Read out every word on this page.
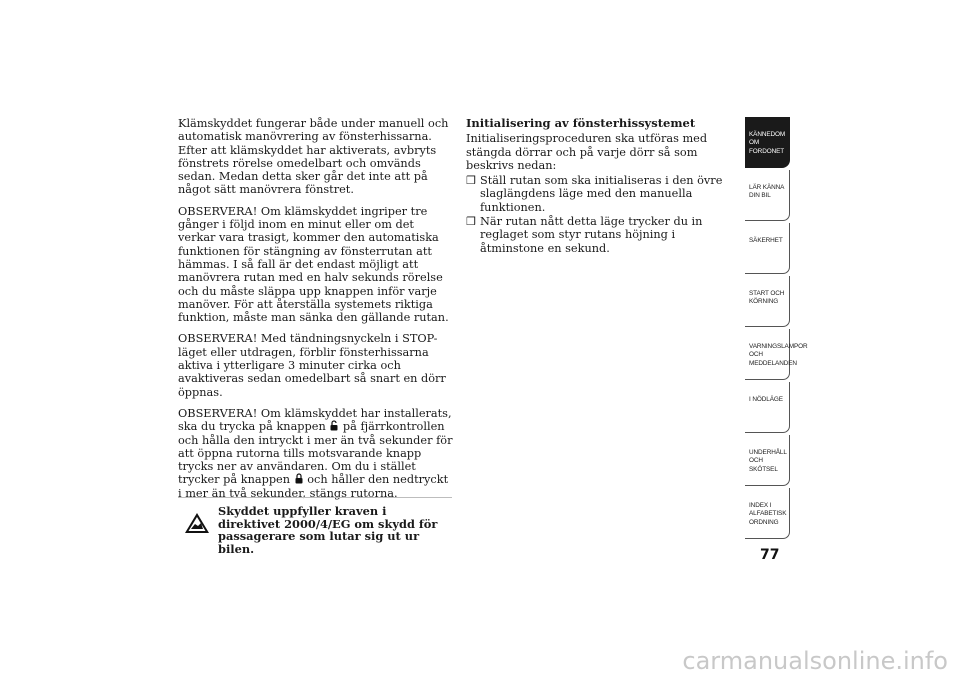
Klämskyddet fungerar både under manuell och automatisk manövrering av fönsterhissarna. Efter att klämskyddet har aktiverats, avbryts fönstrets rörelse omedelbart och omvänds sedan. Medan detta sker går det inte att på något sätt manövrera fönstret.

OBSERVERA! Om klämskyddet ingriper tre gånger i följd inom en minut eller om det verkar vara trasigt, kommer den automatiska funktionen för stängning av fönsterrutan att hämmas. I så fall är det endast möjligt att manövrera rutan med en halv sekunds rörelse och du måste släppa upp knappen inför varje manöver. För att återställa systemets riktiga funktion, måste man sänka den gällande rutan.

OBSERVERA! Med tändningsnyckeln i STOP-läget eller utdragen, förblir fönsterhissarna aktiva i ytterligare 3 minuter cirka och avaktiveras sedan omedelbart så snart en dörr öppnas.

OBSERVERA! Om klämskyddet har installerats, ska du trycka på knappen på fjärrkontrollen och hålla den intryckt i mer än två sekunder för att öppna rutorna tills motsvarande knapp trycks ner av användaren. Om du i stället trycker på knappen och håller den nedtryckt i mer än två sekunder, stängs rutorna.

Skyddet uppfyller kraven i direktivet 2000/4/EG om skydd för passagerare som lutar sig ut ur bilen.
Initialisering av fönsterhissystemet

Initialiseringsproceduren ska utföras med stängda dörrar och på varje dörr så som beskrivs nedan:

❒ Ställ rutan som ska initialiseras i den övre slaglängdens läge med den manuella funktionen.
❒ När rutan nått detta läge trycker du in reglaget som styr rutans höjning i åtminstone en sekund.
KÄNNEDOM OM FORDONET
LÄR KÄNNA DIN BIL
SÄKERHET
START OCH KÖRNING
VARNINGSLAMPOR OCH MEDDELANDEN
I NÖDLÄGE
UNDERHÅLL OCH SKÖTSEL
INDEX I ALFABETISK ORDNING
77
carmanualsonline.info
